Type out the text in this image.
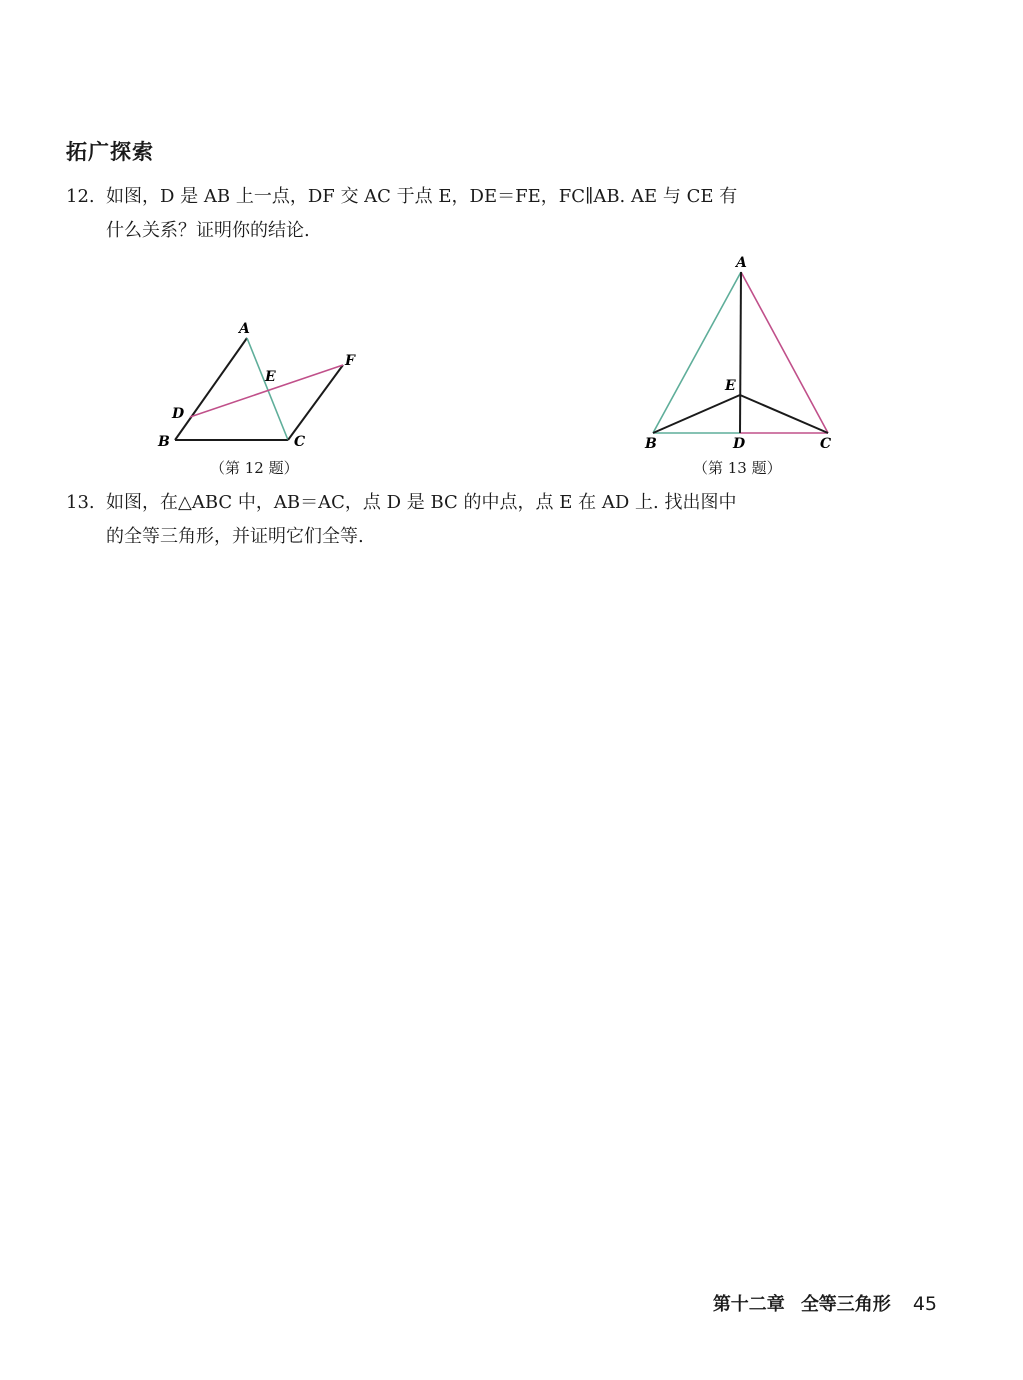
拓广探索
12. 如图，D 是 AB 上一点，DF 交 AC 于点 E，DE＝FE，FC∥AB. AE 与 CE 有
什么关系？证明你的结论.
A
B	C
D
E
F
（第 12 题）
A
B	C
D
E
（第 13 题）
13. 如图，在△ABC 中，AB＝AC，点 D 是 BC 的中点，点 E 在 AD 上. 找出图中
的全等三角形，并证明它们全等.
第十二章 全等三角形 45
